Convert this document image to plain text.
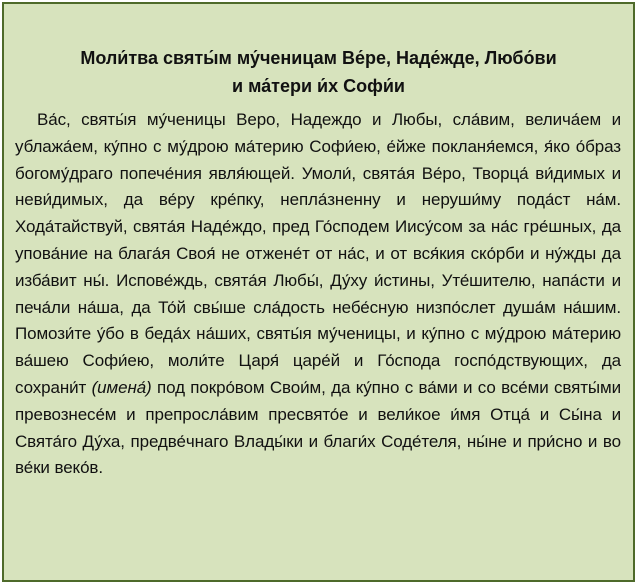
Моли́тва святы́м му́ченицам Ве́ре, Наде́жде, Любо́ви
и ма́тери и́х Софи́и

Ва́с, святы́я му́ченицы Веро, Надеждо и Любы, сла́вим, велича́ем и ублажа́ем, ку́пно с му́дрою ма́терию Софи́ею, е́йже покланя́емся, я́ко о́браз богому́драго попече́ния явля́ющей. Умоли́, свята́я Ве́ро, Творца́ ви́димых и неви́димых, да ве́ру кре́пку, непла́зненну и неруши́му пода́ст на́м. Хода́тайствуй, свята́я Наде́ждо, пред Го́сподем Иису́сом за на́с гре́шных, да упова́ние на блага́я Своя́ не отжене́т от на́с, и от вся́кия ско́рби и ну́жды да изба́вит ны́. Испове́ждь, свята́я Любы́, Ду́ху и́стины, Уте́шителю, напа́сти и печа́ли на́ша, да То́й свы́ше сла́дость небе́сную низпо́слет душа́м на́шим. Помози́те у́бо в беда́х на́ших, святы́я му́ченицы, и ку́пно с му́дрою ма́терию ва́шею Софи́ею, моли́те Царя́ царе́й и Го́спода госпо́дствующих, да сохрани́т (имена́) под покро́вом Свои́м, да ку́пно с ва́ми и со все́ми святы́ми превознесе́м и препросла́вим пресвято́е и вели́кое и́мя Отца́ и Сы́на и Свята́го Ду́ха, предве́чнаго Влады́ки и благи́х Соде́теля, ны́не и при́сно и во ве́ки веко́в.
